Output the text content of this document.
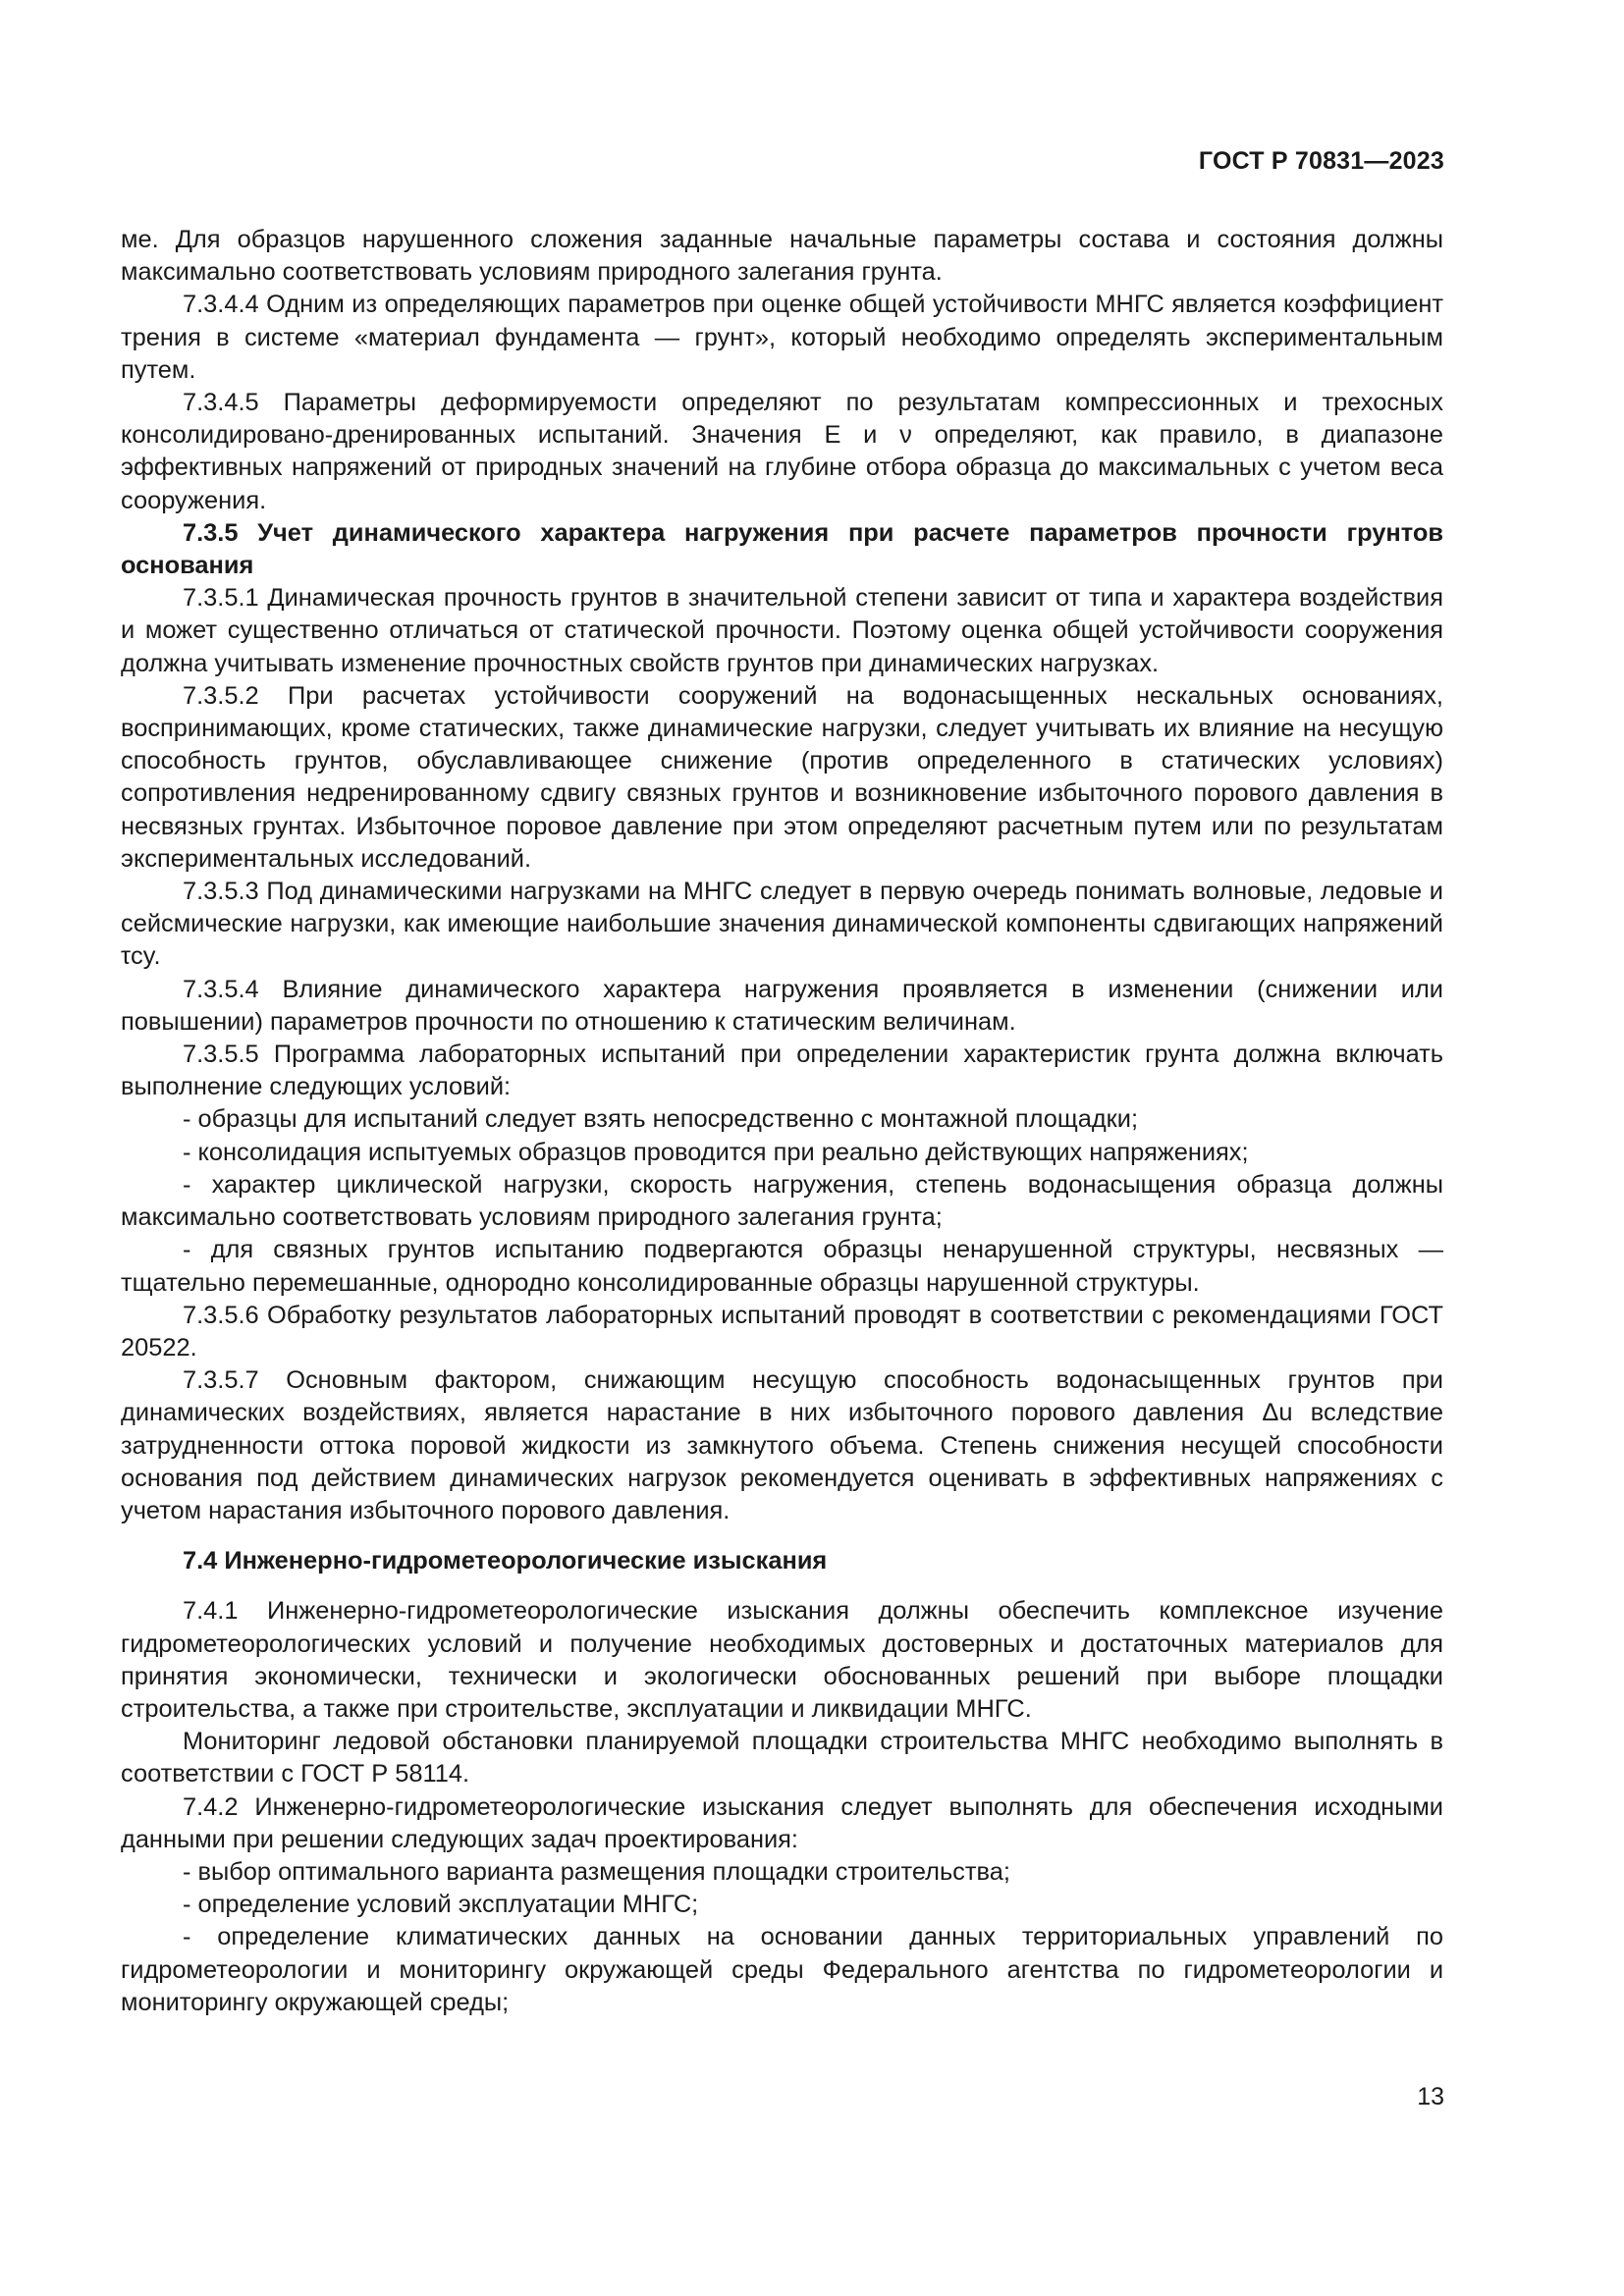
ГОСТ Р 70831—2023

ме. Для образцов нарушенного сложения заданные начальные параметры состава и состояния должны максимально соответствовать условиям природного залегания грунта.

7.3.4.4 Одним из определяющих параметров при оценке общей устойчивости МНГС является коэффициент трения в системе «материал фундамента — грунт», который необходимо определять экспериментальным путем.

7.3.4.5 Параметры деформируемости определяют по результатам компрессионных и трехосных консолидировано-дренированных испытаний. Значения E и ν определяют, как правило, в диапазоне эффективных напряжений от природных значений на глубине отбора образца до максимальных с учетом веса сооружения.

7.3.5 Учет динамического характера нагружения при расчете параметров прочности грунтов основания

7.3.5.1 Динамическая прочность грунтов в значительной степени зависит от типа и характера воздействия и может существенно отличаться от статической прочности. Поэтому оценка общей устойчивости сооружения должна учитывать изменение прочностных свойств грунтов при динамических нагрузках.

7.3.5.2 При расчетах устойчивости сооружений на водонасыщенных нескальных основаниях, воспринимающих, кроме статических, также динамические нагрузки, следует учитывать их влияние на несущую способность грунтов, обуславливающее снижение (против определенного в статических условиях) сопротивления недренированному сдвигу связных грунтов и возникновение избыточного порового давления в несвязных грунтах. Избыточное поровое давление при этом определяют расчетным путем или по результатам экспериментальных исследований.

7.3.5.3 Под динамическими нагрузками на МНГС следует в первую очередь понимать волновые, ледовые и сейсмические нагрузки, как имеющие наибольшие значения динамической компоненты сдвигающих напряжений τcy.

7.3.5.4 Влияние динамического характера нагружения проявляется в изменении (снижении или повышении) параметров прочности по отношению к статическим величинам.

7.3.5.5 Программа лабораторных испытаний при определении характеристик грунта должна включать выполнение следующих условий:

- образцы для испытаний следует взять непосредственно с монтажной площадки;

- консолидация испытуемых образцов проводится при реально действующих напряжениях;

- характер циклической нагрузки, скорость нагружения, степень водонасыщения образца должны максимально соответствовать условиям природного залегания грунта;

- для связных грунтов испытанию подвергаются образцы ненарушенной структуры, несвязных — тщательно перемешанные, однородно консолидированные образцы нарушенной структуры.

7.3.5.6 Обработку результатов лабораторных испытаний проводят в соответствии с рекомендациями ГОСТ 20522.

7.3.5.7 Основным фактором, снижающим несущую способность водонасыщенных грунтов при динамических воздействиях, является нарастание в них избыточного порового давления Δu вследствие затрудненности оттока поровой жидкости из замкнутого объема. Степень снижения несущей способности основания под действием динамических нагрузок рекомендуется оценивать в эффективных напряжениях с учетом нарастания избыточного порового давления.

7.4 Инженерно-гидрометеорологические изыскания

7.4.1 Инженерно-гидрометеорологические изыскания должны обеспечить комплексное изучение гидрометеорологических условий и получение необходимых достоверных и достаточных материалов для принятия экономически, технически и экологически обоснованных решений при выборе площадки строительства, а также при строительстве, эксплуатации и ликвидации МНГС.

Мониторинг ледовой обстановки планируемой площадки строительства МНГС необходимо выполнять в соответствии с ГОСТ Р 58114.

7.4.2 Инженерно-гидрометеорологические изыскания следует выполнять для обеспечения исходными данными при решении следующих задач проектирования:

- выбор оптимального варианта размещения площадки строительства;

- определение условий эксплуатации МНГС;

- определение климатических данных на основании данных территориальных управлений по гидрометеорологии и мониторингу окружающей среды Федерального агентства по гидрометеорологии и мониторингу окружающей среды;

13
